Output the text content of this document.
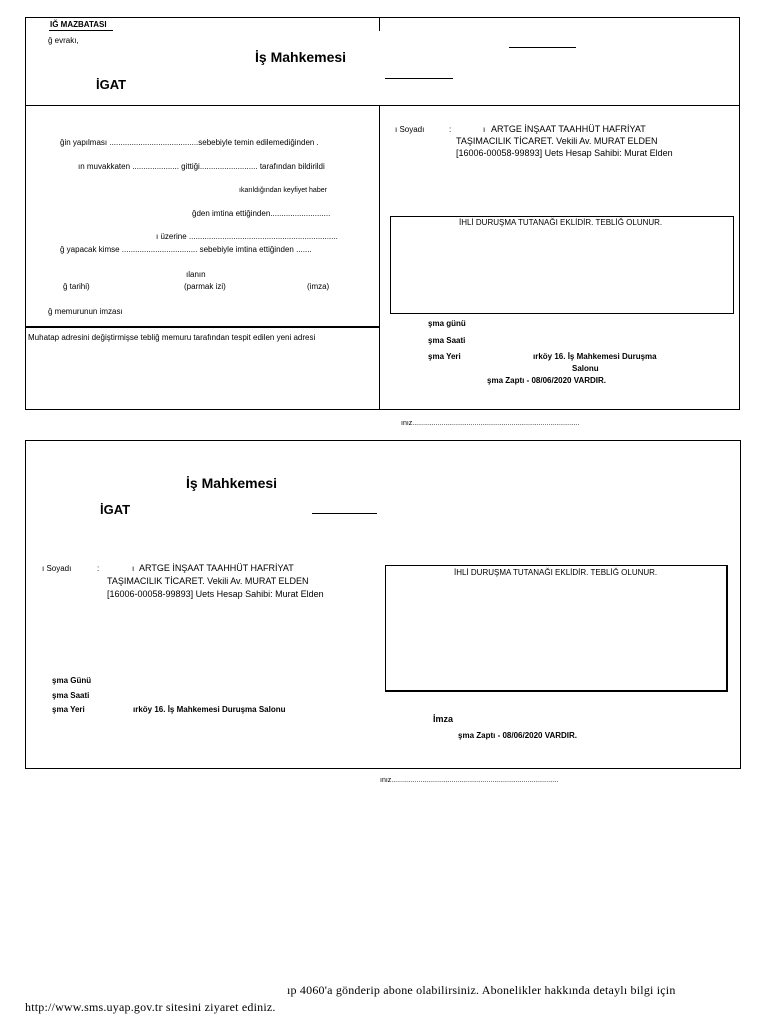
IĞ MAZBATASI
ğ evrakı,
İş Mahkemesi
İGAT
ğin yapılması ........................................sebebiyle temin edilemediğinden .
ın muvakkaten ..................... gittiği.......................... tarafından bildirildi
ıkarıldığından keyfiyet haber
ğden imtina ettiğinden...........................
ı üzerine ...................................................................
ğ yapacak kimse .................................. sebebiyle imtina ettiğinden .......
ılanın
ğ tarihi)	(parmak izi)	(imza)
ğ memurunun imzası
Muhatap adresini değiştirmişse tebliğ memuru tarafından tespit edilen yeni adresi
ı Soyadı	:	ı ARTGE İNŞAAT TAAHHÜT HAFRİYAT
TAŞIMACILIK TİCARET. Vekili Av. MURAT ELDEN
[16006-00058-99893] Uets Hesap Sahibi: Murat Elden
İHLİ DURUŞMA TUTANAĞI EKLİDİR. TEBLİĞ OLUNUR.
şma günü
şma Saati
şma Yeri	ırköy 16. İş Mahkemesi Duruşma
Salonu
şma Zaptı - 08/06/2020 VARDIR.
ınız......................................................................................
İş Mahkemesi
İGAT
ı Soyadı	:	ı ARTGE İNŞAAT TAAHHÜT HAFRİYAT
TAŞIMACILIK TİCARET. Vekili Av. MURAT ELDEN
[16006-00058-99893] Uets Hesap Sahibi: Murat Elden
İHLİ DURUŞMA TUTANAĞI EKLİDİR. TEBLİĞ OLUNUR.
şma Günü
şma Saati
şma Yeri	ırköy 16. İş Mahkemesi Duruşma Salonu
İmza
şma Zaptı - 08/06/2020 VARDIR.
ınız......................................................................................
ıp 4060'a gönderip abone olabilirsiniz. Abonelikler hakkında detaylı bilgi için
http://www.sms.uyap.gov.tr sitesini ziyaret ediniz.
